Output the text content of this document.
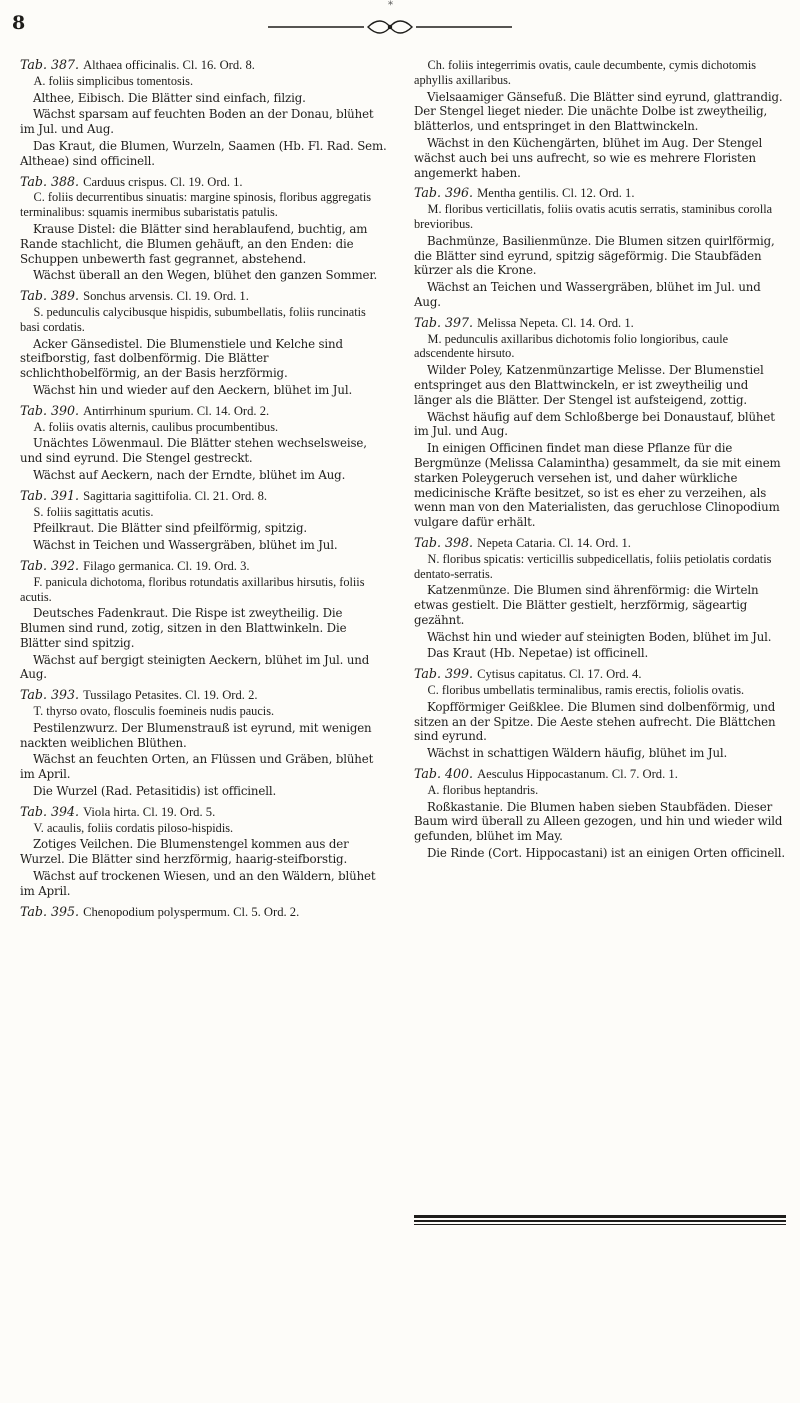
*
8
Tab. 387. Althaea officinalis. Cl. 16. Ord. 8.

A. foliis simplicibus tomentosis.

Althee, Eibisch. Die Blätter sind einfach, filzig.

Wächst sparsam auf feuchten Boden an der Donau, blühet im Jul. und Aug.

Das Kraut, die Blumen, Wurzeln, Saamen (Hb. Fl. Rad. Sem. Altheae) sind officinell.

Tab. 388. Carduus crispus. Cl. 19. Ord. 1.

C. foliis decurrentibus sinuatis: margine spinosis, floribus aggregatis terminalibus: squamis inermibus subaristatis patulis.

Krause Distel: die Blätter sind herablaufend, buchtig, am Rande stachlicht, die Blumen gehäuft, an den Enden: die Schuppen unbewerth fast gegrannet, abstehend.

Wächst überall an den Wegen, blühet den ganzen Sommer.

Tab. 389. Sonchus arvensis. Cl. 19. Ord. 1.

S. pedunculis calycibusque hispidis, subumbellatis, foliis runcinatis basi cordatis.

Acker Gänsedistel. Die Blumenstiele und Kelche sind steifborstig, fast dolbenförmig. Die Blätter schlichthobelförmig, an der Basis herzförmig.

Wächst hin und wieder auf den Aeckern, blühet im Jul.

Tab. 390. Antirrhinum spurium. Cl. 14. Ord. 2.

A. foliis ovatis alternis, caulibus procumbentibus.

Unächtes Löwenmaul. Die Blätter stehen wechselsweise, und sind eyrund. Die Stengel gestreckt.

Wächst auf Aeckern, nach der Erndte, blühet im Aug.

Tab. 391. Sagittaria sagittifolia. Cl. 21. Ord. 8.

S. foliis sagittatis acutis.

Pfeilkraut. Die Blätter sind pfeilförmig, spitzig.

Wächst in Teichen und Wassergräben, blühet im Jul.

Tab. 392. Filago germanica. Cl. 19. Ord. 3.

F. panicula dichotoma, floribus rotundatis axillaribus hirsutis, foliis acutis.

Deutsches Fadenkraut. Die Rispe ist zweytheilig. Die Blumen sind rund, zotig, sitzen in den Blattwinkeln. Die Blätter sind spitzig.

Wächst auf bergigt steinigten Aeckern, blühet im Jul. und Aug.

Tab. 393. Tussilago Petasites. Cl. 19. Ord. 2.

T. thyrso ovato, flosculis foemineis nudis paucis.

Pestilenzwurz. Der Blumenstrauß ist eyrund, mit wenigen nackten weiblichen Blüthen.

Wächst an feuchten Orten, an Flüssen und Gräben, blühet im April.

Die Wurzel (Rad. Petasitidis) ist officinell.

Tab. 394. Viola hirta. Cl. 19. Ord. 5.

V. acaulis, foliis cordatis piloso-hispidis.

Zotiges Veilchen. Die Blumenstengel kommen aus der Wurzel. Die Blätter sind herzförmig, haarig-steifborstig.

Wächst auf trockenen Wiesen, und an den Wäldern, blühet im April.

Tab. 395. Chenopodium polyspermum. Cl. 5. Ord. 2.

Ch. foliis integerrimis ovatis, caule decumbente, cymis dichotomis aphyllis axillaribus.

Vielsaamiger Gänsefuß. Die Blätter sind eyrund, glattrandig. Der Stengel lieget nieder. Die unächte Dolbe ist zweytheilig, blätterlos, und entspringet in den Blattwinckeln.

Wächst in den Küchengärten, blühet im Aug. Der Stengel wächst auch bei uns aufrecht, so wie es mehrere Floristen angemerkt haben.

Tab. 396. Mentha gentilis. Cl. 12. Ord. 1.

M. floribus verticillatis, foliis ovatis acutis serratis, staminibus corolla brevioribus.

Bachmünze, Basilienmünze. Die Blumen sitzen quirlförmig, die Blätter sind eyrund, spitzig sägeförmig. Die Staubfäden kürzer als die Krone.

Wächst an Teichen und Wassergräben, blühet im Jul. und Aug.

Tab. 397. Melissa Nepeta. Cl. 14. Ord. 1.

M. pedunculis axillaribus dichotomis folio longioribus, caule adscendente hirsuto.

Wilder Poley, Katzenmünzartige Melisse. Der Blumenstiel entspringet aus den Blattwinckeln, er ist zweytheilig und länger als die Blätter. Der Stengel ist aufsteigend, zottig.

Wächst häufig auf dem Schloßberge bei Donaustauf, blühet im Jul. und Aug.

In einigen Officinen findet man diese Pflanze für die Bergmünze (Melissa Calamintha) gesammelt, da sie mit einem starken Poleygeruch versehen ist, und daher würkliche medicinische Kräfte besitzet, so ist es eher zu verzeihen, als wenn man von den Materialisten, das geruchlose Clinopodium vulgare dafür erhält.

Tab. 398. Nepeta Cataria. Cl. 14. Ord. 1.

N. floribus spicatis: verticillis subpedicellatis, foliis petiolatis cordatis dentato-serratis.

Katzenmünze. Die Blumen sind ährenförmig: die Wirteln etwas gestielt. Die Blätter gestielt, herzförmig, sägeartig gezähnt.

Wächst hin und wieder auf steinigten Boden, blühet im Jul.

Das Kraut (Hb. Nepetae) ist officinell.

Tab. 399. Cytisus capitatus. Cl. 17. Ord. 4.

C. floribus umbellatis terminalibus, ramis erectis, foliolis ovatis.

Kopfförmiger Geißklee. Die Blumen sind dolbenförmig, und sitzen an der Spitze. Die Aeste stehen aufrecht. Die Blättchen sind eyrund.

Wächst in schattigen Wäldern häufig, blühet im Jul.

Tab. 400. Aesculus Hippocastanum. Cl. 7. Ord. 1.

A. floribus heptandris.

Roßkastanie. Die Blumen haben sieben Staubfäden. Dieser Baum wird überall zu Alleen gezogen, und hin und wieder wild gefunden, blühet im May.

Die Rinde (Cort. Hippocastani) ist an einigen Orten officinell.
